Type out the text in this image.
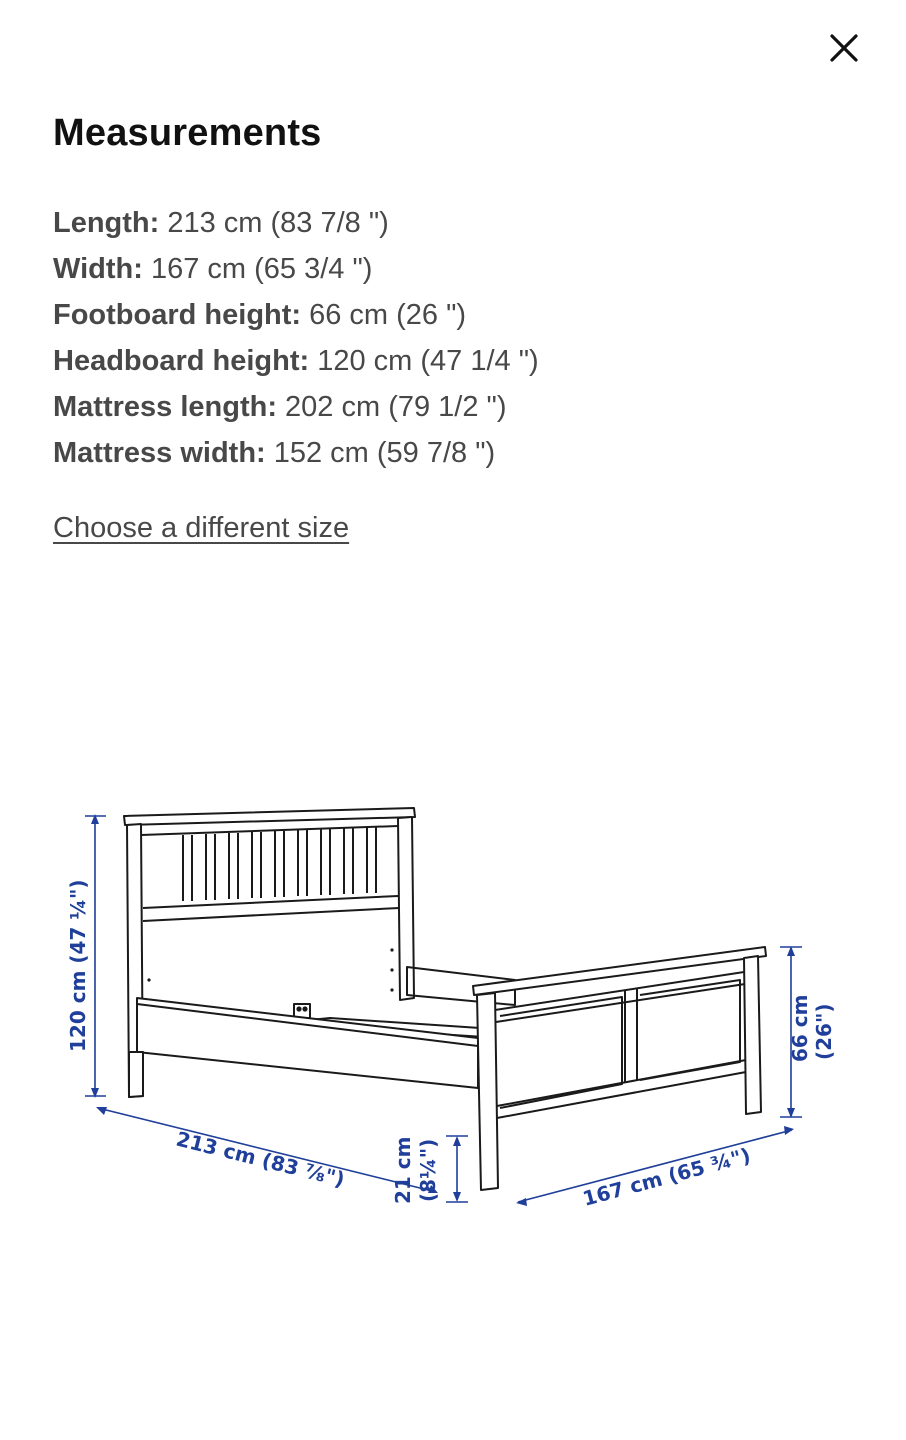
Measurements
Length: 213 cm (83 7/8 ")
Width: 167 cm (65 3/4 ")
Footboard height: 66 cm (26 ")
Headboard height: 120 cm (47 1/4 ")
Mattress length: 202 cm (79 1/2 ")
Mattress width: 152 cm (59 7/8 ")
Choose a different size
120 cm (47 ¼")	66 cm (26")
213 cm (83 ⅞") 21 cm (8¼")	167 cm (65 ¾")
